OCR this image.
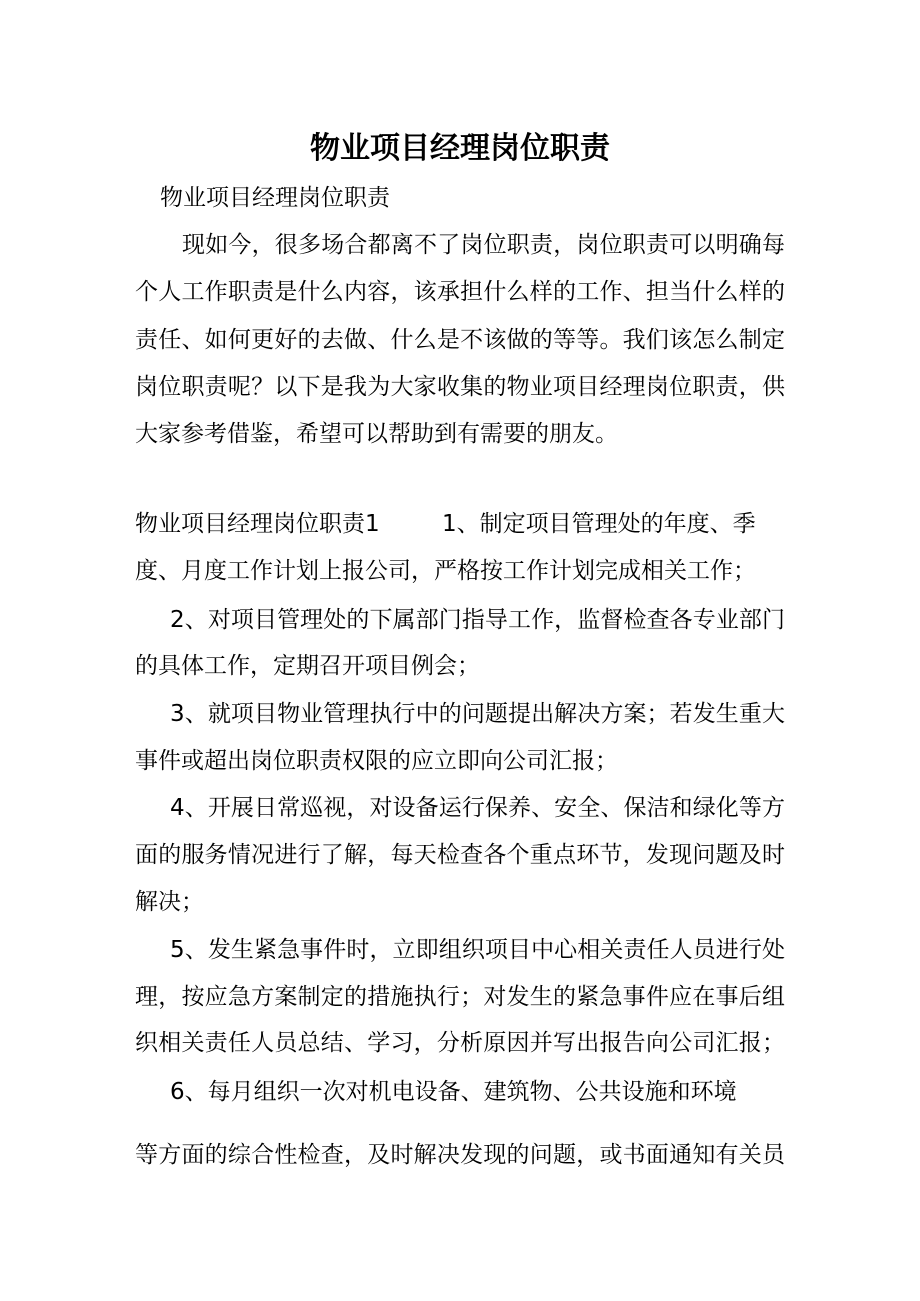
物业项目经理岗位职责
物业项目经理岗位职责
现如今，很多场合都离不了岗位职责，岗位职责可以明确每
个人工作职责是什么内容，该承担什么样的工作、担当什么样的
责任、如何更好的去做、什么是不该做的等等。我们该怎么制定
岗位职责呢？以下是我为大家收集的物业项目经理岗位职责，供
大家参考借鉴，希望可以帮助到有需要的朋友。
物业项目经理岗位职责1	1、制定项目管理处的年度、季
度、月度工作计划上报公司，严格按工作计划完成相关工作；
2、对项目管理处的下属部门指导工作，监督检查各专业部门
的具体工作，定期召开项目例会；
3、就项目物业管理执行中的问题提出解决方案；若发生重大
事件或超出岗位职责权限的应立即向公司汇报；
4、开展日常巡视，对设备运行保养、安全、保洁和绿化等方
面的服务情况进行了解，每天检查各个重点环节，发现问题及时
解决；
5、发生紧急事件时，立即组织项目中心相关责任人员进行处
理，按应急方案制定的措施执行；对发生的紧急事件应在事后组
织相关责任人员总结、学习，分析原因并写出报告向公司汇报；
6、每月组织一次对机电设备、建筑物、公共设施和环境
等方面的综合性检查，及时解决发现的问题，或书面通知有关员
